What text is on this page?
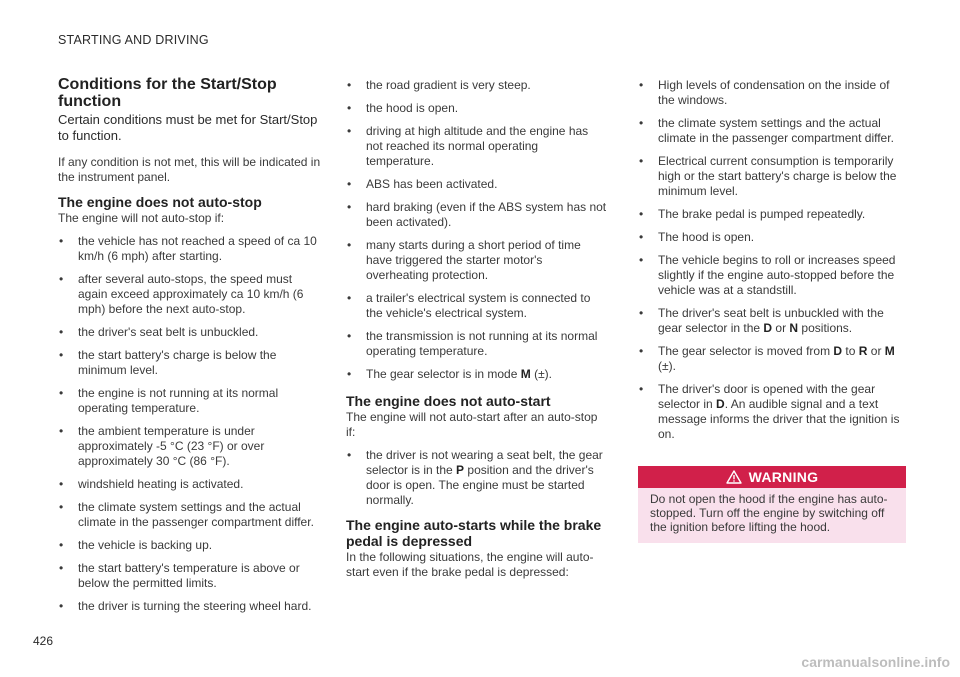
STARTING AND DRIVING
Conditions for the Start/Stop function
Certain conditions must be met for Start/Stop to function.

If any condition is not met, this will be indicated in the instrument panel.

The engine does not auto-stop

The engine will not auto-stop if:

• the vehicle has not reached a speed of ca 10 km/h (6 mph) after starting.
• after several auto-stops, the speed must again exceed approximately ca 10 km/h (6 mph) before the next auto-stop.
• the driver's seat belt is unbuckled.
• the start battery's charge is below the minimum level.
• the engine is not running at its normal operating temperature.
• the ambient temperature is under approximately -5 °C (23 °F) or over approximately 30 °C (86 °F).
• windshield heating is activated.
• the climate system settings and the actual climate in the passenger compartment differ.
• the vehicle is backing up.
• the start battery's temperature is above or below the permitted limits.
• the driver is turning the steering wheel hard.
• the road gradient is very steep.
• the hood is open.
• driving at high altitude and the engine has not reached its normal operating temperature.
• ABS has been activated.
• hard braking (even if the ABS system has not been activated).
• many starts during a short period of time have triggered the starter motor's overheating protection.
• a trailer's electrical system is connected to the vehicle's electrical system.
• the transmission is not running at its normal operating temperature.
• The gear selector is in mode M (±).
The engine does not auto-start

The engine will not auto-start after an auto-stop if:

• the driver is not wearing a seat belt, the gear selector is in the P position and the driver's door is open. The engine must be started normally.
The engine auto-starts while the brake pedal is depressed

In the following situations, the engine will auto-start even if the brake pedal is depressed:

• High levels of condensation on the inside of the windows.
• the climate system settings and the actual climate in the passenger compartment differ.
• Electrical current consumption is temporarily high or the start battery's charge is below the minimum level.
• The brake pedal is pumped repeatedly.
• The hood is open.
• The vehicle begins to roll or increases speed slightly if the engine auto-stopped before the vehicle was at a standstill.
• The driver's seat belt is unbuckled with the gear selector in the D or N positions.
• The gear selector is moved from D to R or M (±).
• The driver's door is opened with the gear selector in D. An audible signal and a text message informs the driver that the ignition is on.
WARNING
Do not open the hood if the engine has auto-stopped. Turn off the engine by switching off the ignition before lifting the hood.
426
carmanualsonline.info
